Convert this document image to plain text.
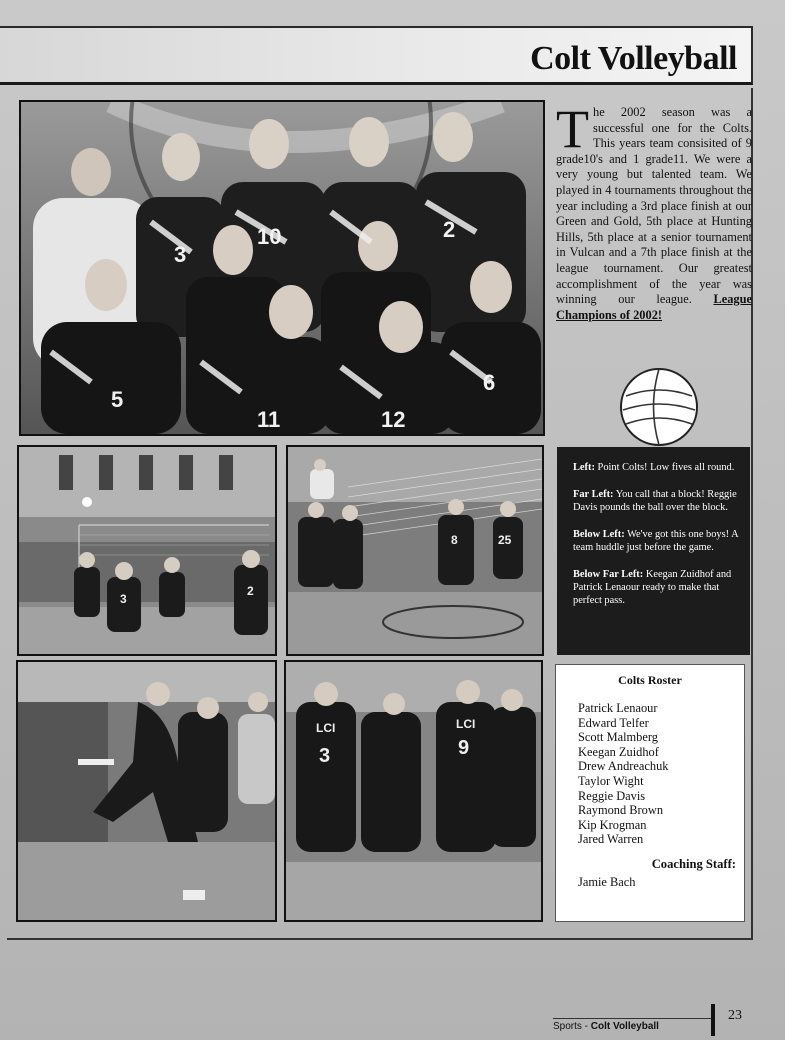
Colt Volleyball
3
10	2
5
11	12
6
The 2002 season was a successful one for the Colts. This years team consisited of 9 grade10's and 1 grade11. We were a very young but talented team. We played in 4 tournaments throughout the year including a 3rd place finish at our Green and Gold, 5th place at Hunting Hills, 5th place at a senior tournament in Vulcan and a 7th place finish at the league tournament. Our greatest accomplishment of the year was winning our league. League Champions of 2002!
3
2
8	25

Left: Point Colts! Low fives all round.

Far Left: You call that a block! Reggie Davis pounds the ball over the block.

Below Left: We've got this one boys! A team huddle just before the game.

Below Far Left: Keegan Zuidhof and Patrick Lenaour ready to make that perfect pass.

LCI
3
LCI
9
Colts Roster
Patrick Lenaour
Edward Telfer
Scott Malmberg
Keegan Zuidhof
Drew Andreachuk
Taylor Wight
Reggie Davis
Raymond Brown
Kip Krogman
Jared Warren
Coaching Staff:
Jamie Bach
Sports - Colt Volleyball
23
